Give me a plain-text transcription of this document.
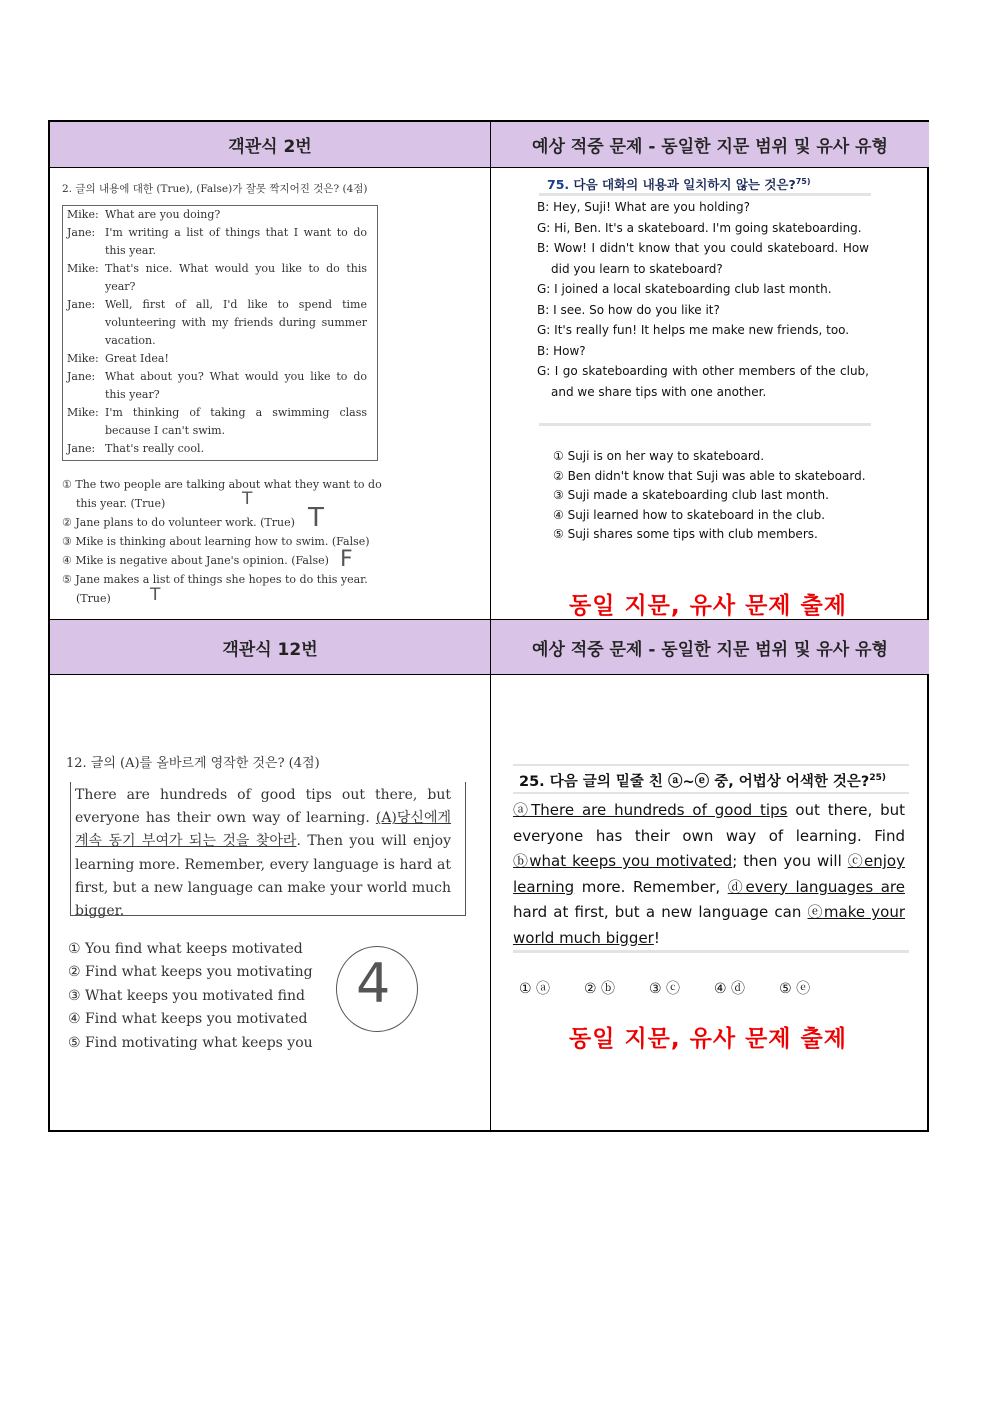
객관식 2번	예상 적중 문제 - 동일한 지문 범위 및 유사 유형
객관식 12번	예상 적중 문제 - 동일한 지문 범위 및 유사 유형
2. 글의 내용에 대한 (True), (False)가 잘못 짝지어진 것은? (4점)
Mike: What are you doing?
Jane: I'm writing a list of things that I want to do this year.
Mike: That's nice. What would you like to do this year?
Jane: Well, first of all, I'd like to spend time volunteering with my friends during summer vacation.
Mike: Great Idea!
Jane: What about you? What would you like to do this year?
Mike: I'm thinking of taking a swimming class because I can't swim.
Jane: That's really cool.
① The two people are talking about what they want to do this year. (True)
② Jane plans to do volunteer work. (True)
③ Mike is thinking about learning how to swim. (False)
④ Mike is negative about Jane's opinion. (False)
⑤ Jane makes a list of things she hopes to do this year. (True)
T
T
F
T
75. 다음 대화의 내용과 일치하지 않는 것은?$^{75)}$
B: Hey, Suji! What are you holding?
G: Hi, Ben. It's a skateboard. I'm going skateboarding.
B: Wow! I didn't know that you could skateboard. How did you learn to skateboard?
G: I joined a local skateboarding club last month.
B: I see. So how do you like it?
G: It's really fun! It helps me make new friends, too.
B: How?
G: I go skateboarding with other members of the club, and we share tips with one another.
① Suji is on her way to skateboard.
② Ben didn't know that Suji was able to skateboard.
③ Suji made a skateboarding club last month.
④ Suji learned how to skateboard in the club.
⑤ Suji shares some tips with club members.
동일 지문, 유사 문제 출제
12. 글의 (A)를 올바르게 영작한 것은? (4점)
There are hundreds of good tips out there, but everyone has their own way of learning. (A)당신에게 계속 동기 부여가 되는 것을 찾아라. Then you will enjoy learning more. Remember, every language is hard at first, but a new language can make your world much bigger.
① You find what keeps motivated
② Find what keeps you motivating
③ What keeps you motivated find
④ Find what keeps you motivated
⑤ Find motivating what keeps you
4
25. 다음 글의 밑줄 친 ⓐ~ⓔ 중, 어법상 어색한 것은?$^{25)}$
ⓐThere are hundreds of good tips out there, but everyone has their own way of learning. Find ⓑwhat keeps you motivated; then you will ⓒenjoy learning more. Remember, ⓓevery languages are hard at first, but a new language can ⓔmake your world much bigger!
① ⓐ ② ⓑ ③ ⓒ ④ ⓓ ⑤ ⓔ
동일 지문, 유사 문제 출제
